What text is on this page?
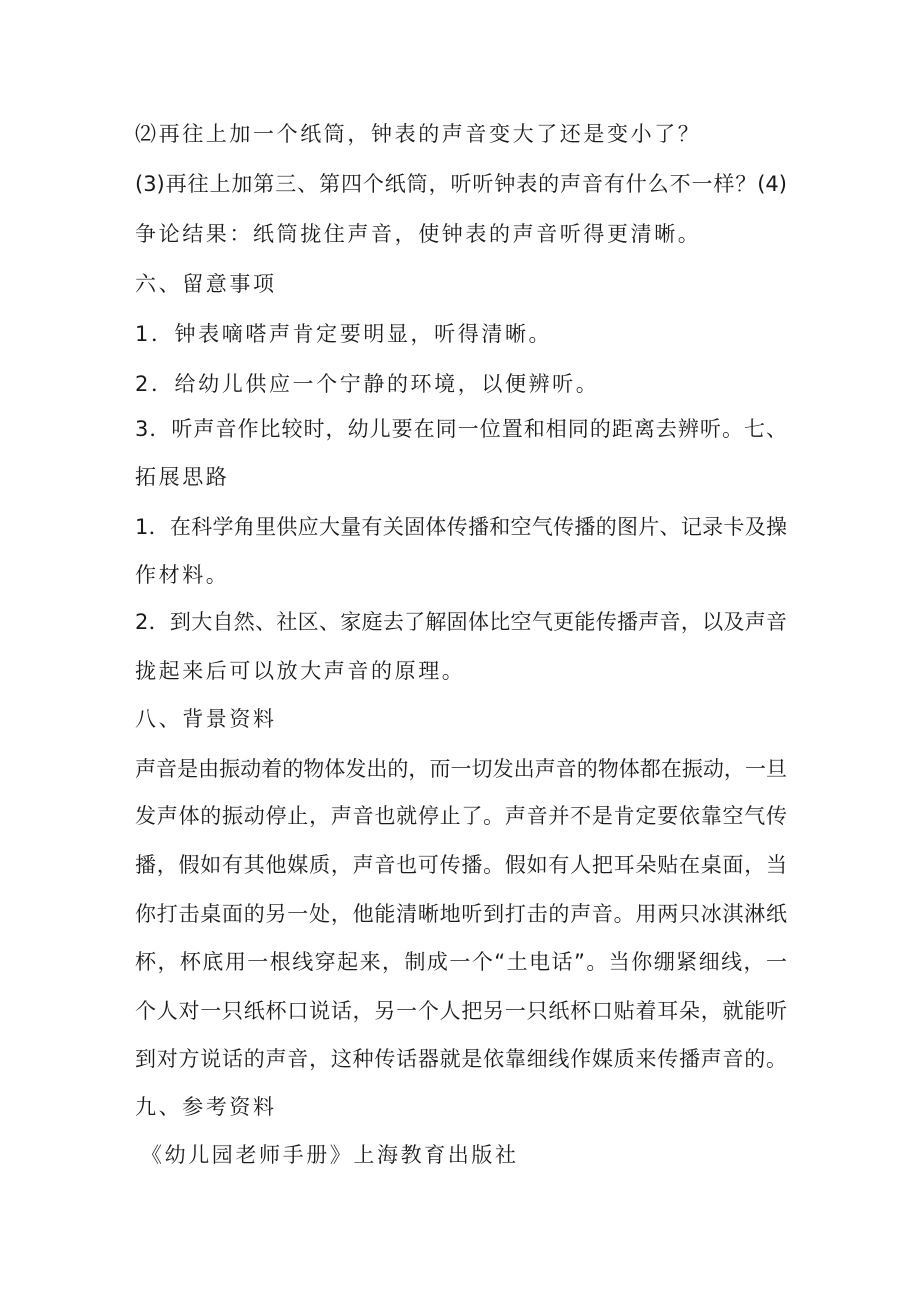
⑵再往上加一个纸筒，钟表的声音变大了还是变小了？
(3)再往上加第三、第四个纸筒，听听钟表的声音有什么不一样？(4)
争论结果：纸筒拢住声音，使钟表的声音听得更清晰。
六、留意事项
1．钟表嘀嗒声肯定要明显，听得清晰。
2．给幼儿供应一个宁静的环境，以便辨听。
3．听声音作比较时，幼儿要在同一位置和相同的距离去辨听。七、
拓展思路
1．在科学角里供应大量有关固体传播和空气传播的图片、记录卡及操
作材料。
2．到大自然、社区、家庭去了解固体比空气更能传播声音，以及声音
拢起来后可以放大声音的原理。
八、背景资料
声音是由振动着的物体发出的，而一切发出声音的物体都在振动，一旦
发声体的振动停止，声音也就停止了。声音并不是肯定要依靠空气传
播，假如有其他媒质，声音也可传播。假如有人把耳朵贴在桌面，当
你打击桌面的另一处，他能清晰地听到打击的声音。用两只冰淇淋纸
杯，杯底用一根线穿起来，制成一个“土电话”。当你绷紧细线，一
个人对一只纸杯口说话，另一个人把另一只纸杯口贴着耳朵，就能听
到对方说话的声音，这种传话器就是依靠细线作媒质来传播声音的。
九、参考资料
《幼儿园老师手册》上海教育出版社
